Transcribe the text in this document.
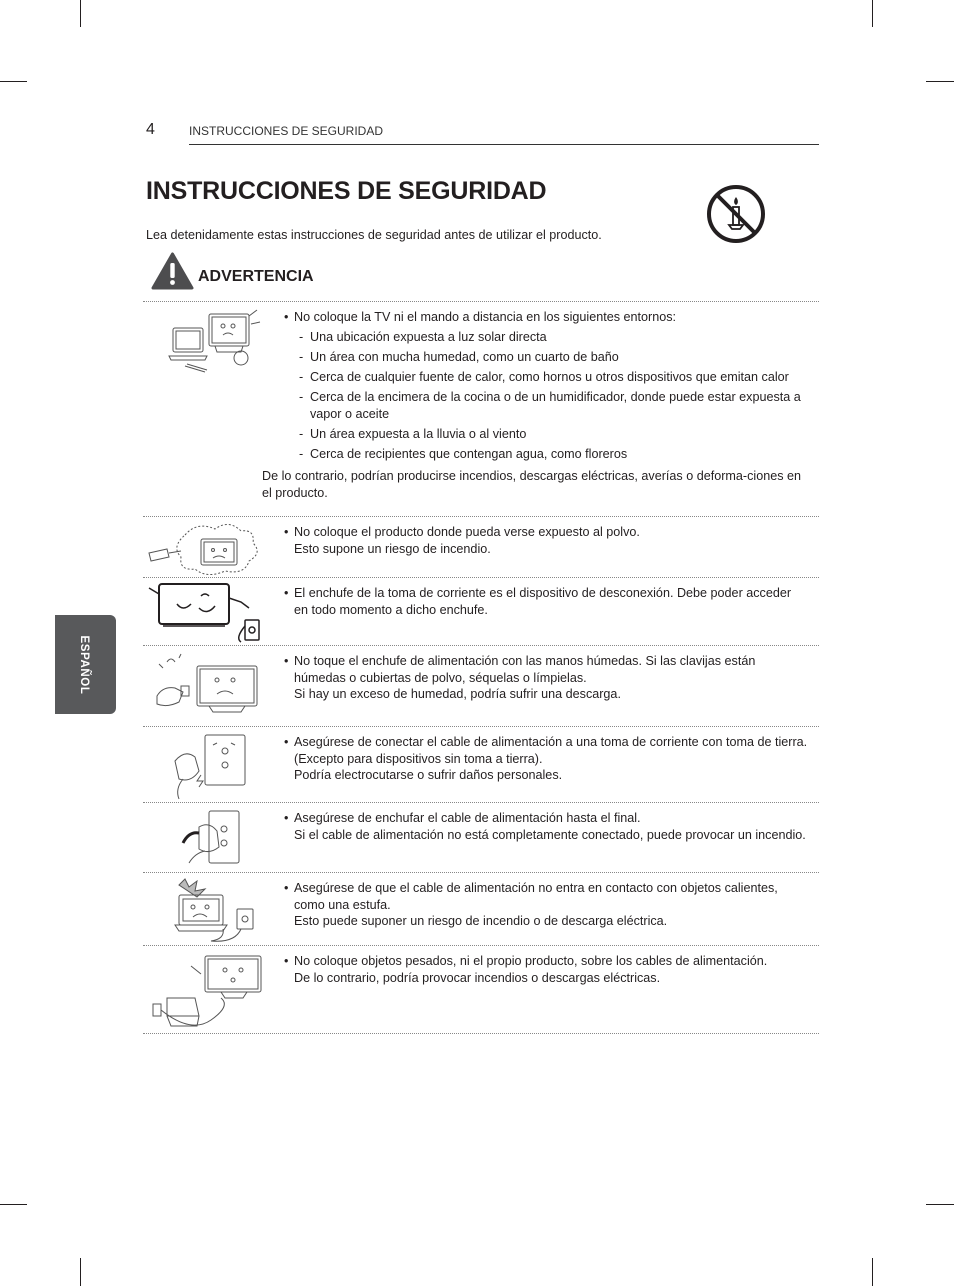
4	INSTRUCCIONES DE SEGURIDAD
INSTRUCCIONES DE SEGURIDAD
Lea detenidamente estas instrucciones de seguridad antes de utilizar el producto.
ADVERTENCIA
ESPAÑOL
• No coloque la TV ni el mando a distancia en los siguientes entornos:
- Una ubicación expuesta a luz solar directa
- Un área con mucha humedad, como un cuarto de baño
- Cerca de cualquier fuente de calor, como hornos u otros dispositivos que emitan calor
- Cerca de la encimera de la cocina o de un humidificador, donde puede estar expuesta a vapor o aceite
- Un área expuesta a la lluvia o al viento
- Cerca de recipientes que contengan agua, como floreros
De lo contrario, podrían producirse incendios, descargas eléctricas, averías o deforma-ciones en el producto.
• No coloque el producto donde pueda verse expuesto al polvo.
Esto supone un riesgo de incendio.
• El enchufe de la toma de corriente es el dispositivo de desconexión. Debe poder acceder en todo momento a dicho enchufe.
• No toque el enchufe de alimentación con las manos húmedas. Si las clavijas están húmedas o cubiertas de polvo, séquelas o límpielas.
Si hay un exceso de humedad, podría sufrir una descarga.
• Asegúrese de conectar el cable de alimentación a una toma de corriente con toma de tierra. (Excepto para dispositivos sin toma a tierra).
Podría electrocutarse o sufrir daños personales.
• Asegúrese de enchufar el cable de alimentación hasta el final.
Si el cable de alimentación no está completamente conectado, puede provocar un incendio.
• Asegúrese de que el cable de alimentación no entra en contacto con objetos calientes, como una estufa.
Esto puede suponer un riesgo de incendio o de descarga eléctrica.
• No coloque objetos pesados, ni el propio producto, sobre los cables de alimentación.
De lo contrario, podría provocar incendios o descargas eléctricas.
